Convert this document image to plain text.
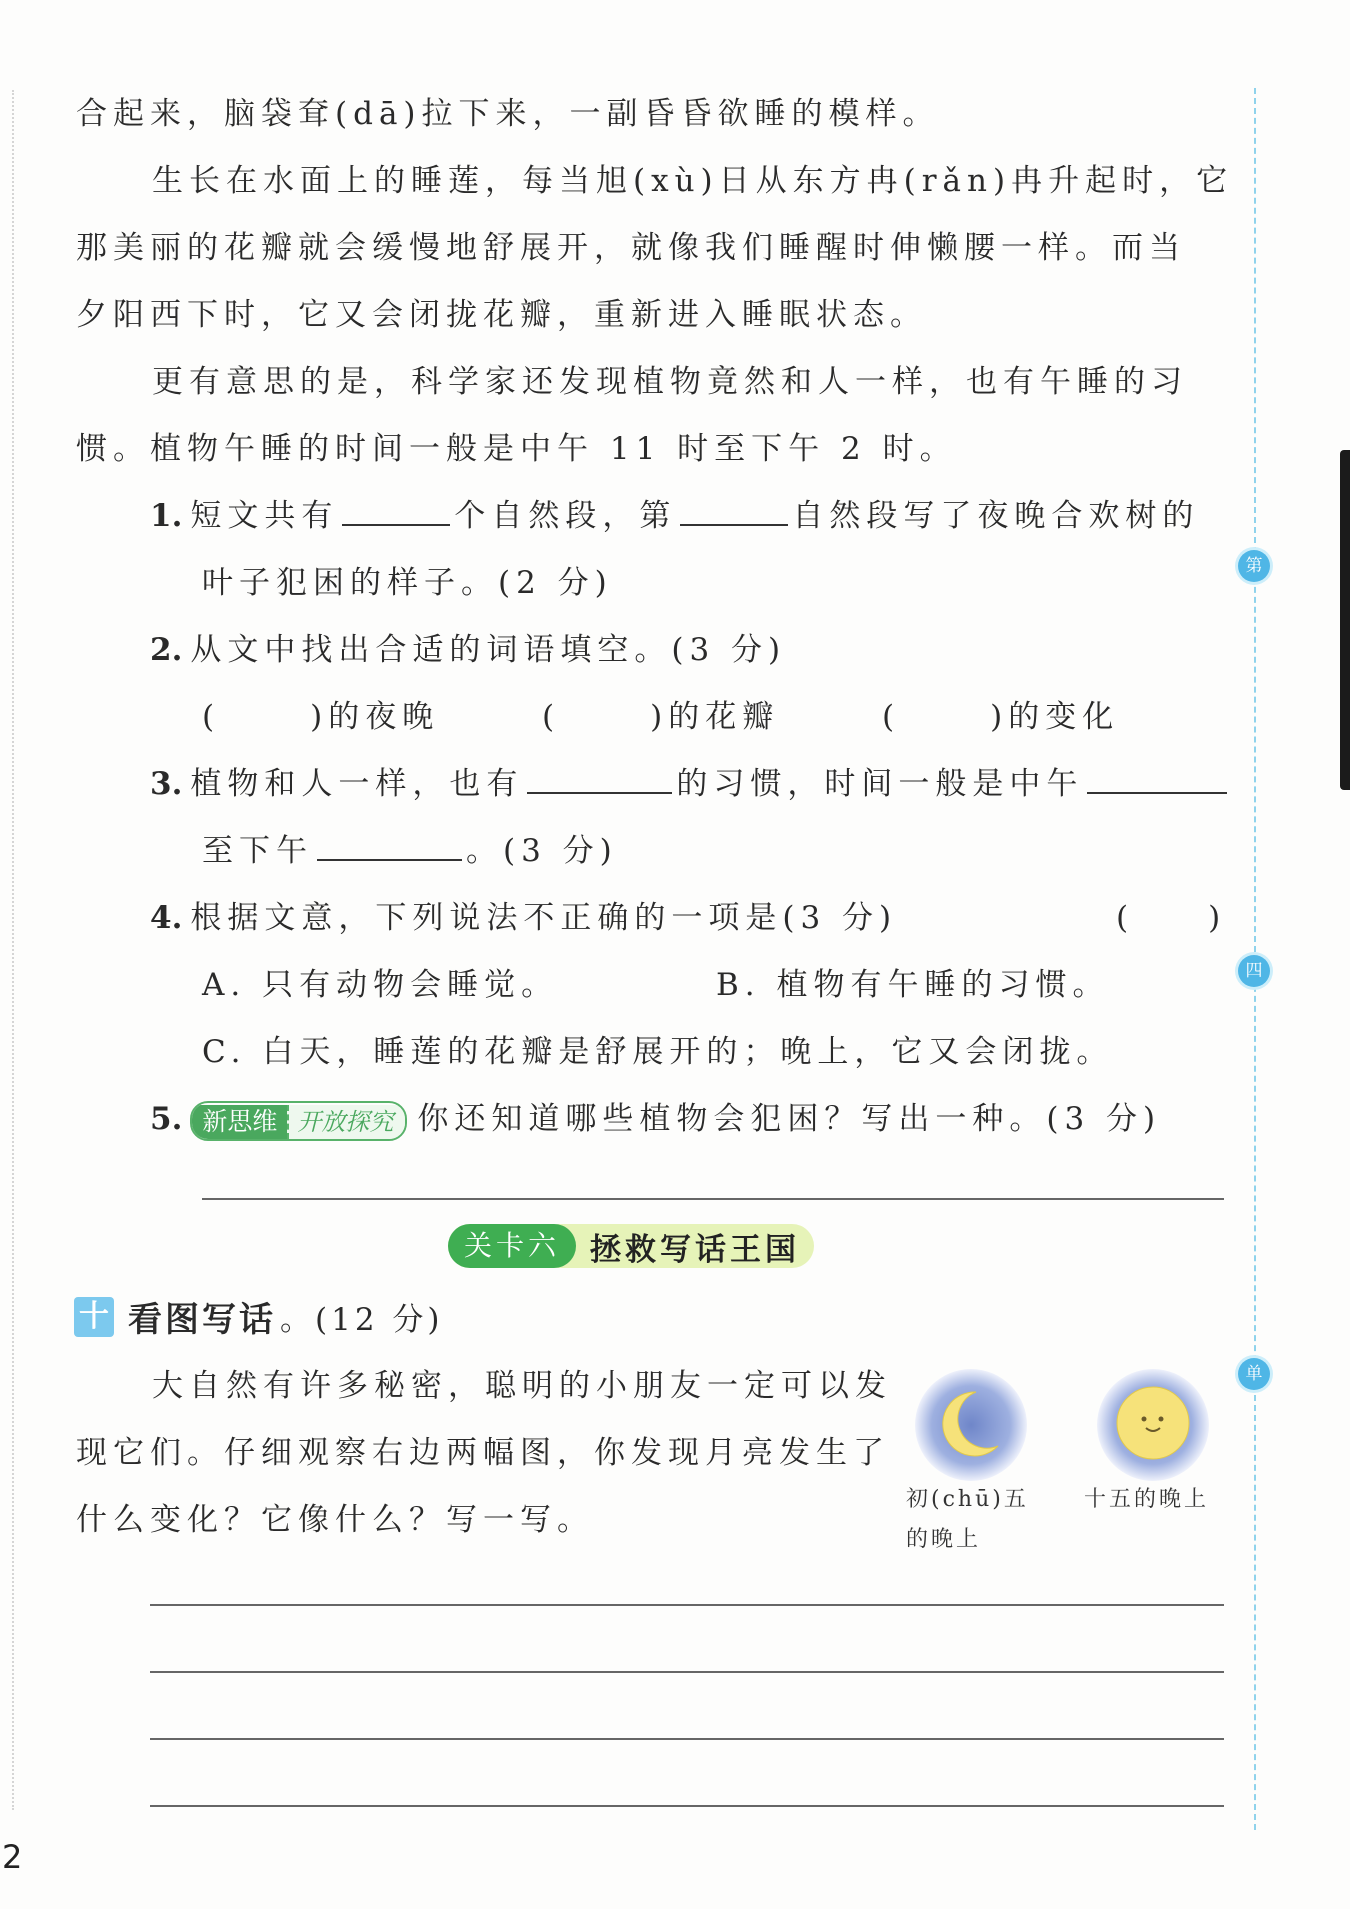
第
四
单
合起来，脑袋耷(dā)拉下来，一副昏昏欲睡的模样。
生长在水面上的睡莲，每当旭(xù)日从东方冉(rǎn)冉升起时，它
那美丽的花瓣就会缓慢地舒展开，就像我们睡醒时伸懒腰一样。而当
夕阳西下时，它又会闭拢花瓣，重新进入睡眠状态。
更有意思的是，科学家还发现植物竟然和人一样，也有午睡的习
惯。植物午睡的时间一般是中午 11 时至下午 2 时。
1. 短文共有	个自然段，第	自然段写了夜晚合欢树的
叶子犯困的样子。(2 分)
2. 从文中找出合适的词语填空。(3 分)
(	)的夜晚	(	)的花瓣	(	)的变化
3. 植物和人一样，也有	的习惯，时间一般是中午
至下午	。(3 分)
4. 根据文意，下列说法不正确的一项是(3 分)	(　　)
A. 只有动物会睡觉。	B. 植物有午睡的习惯。
C. 白天，睡莲的花瓣是舒展开的；晚上，它又会闭拢。
5. 新思维 开放探究 你还知道哪些植物会犯困？写出一种。(3 分)
关卡六 拯救写话王国
十 看图写话 。(12 分)
大自然有许多秘密，聪明的小朋友一定可以发
现它们。仔细观察右边两幅图，你发现月亮发生了
什么变化？它像什么？写一写。
初(chū)五
的晚上
十五的晚上
2
